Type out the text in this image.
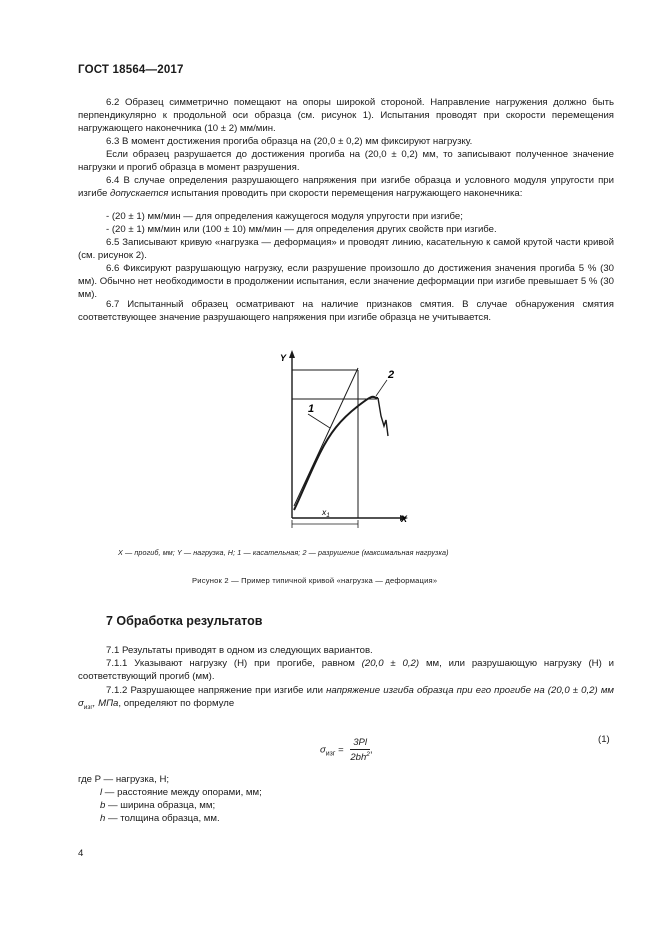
ГОСТ 18564—2017
6.2 Образец симметрично помещают на опоры широкой стороной. Направление нагружения должно быть перпендикулярно к продольной оси образца (см. рисунок 1). Испытания проводят при скорости перемещения нагружающего наконечника (10 ± 2) мм/мин.
6.3 В момент достижения прогиба образца на (20,0 ± 0,2) мм фиксируют нагрузку.
Если образец разрушается до достижения прогиба на (20,0 ± 0,2) мм, то записывают полученное значение нагрузки и прогиб образца в момент разрушения.
6.4 В случае определения разрушающего напряжения при изгибе образца и условного модуля упругости при изгибе допускается испытания проводить при скорости перемещения нагружающего наконечника:
- (20 ± 1) мм/мин — для определения кажущегося модуля упругости при изгибе;
- (20 ± 1) мм/мин или (100 ± 10) мм/мин — для определения других свойств при изгибе.
6.5 Записывают кривую «нагрузка — деформация» и проводят линию, касательную к самой крутой части кривой (см. рисунок 2).
6.6 Фиксируют разрушающую нагрузку, если разрушение произошло до достижения значения прогиба 5 % (30 мм). Обычно нет необходимости в продолжении испытания, если значение деформации при изгибе превышает 5 % (30 мм).
6.7 Испытанный образец осматривают на наличие признаков смятия. В случае обнаружения смятия соответствующее значение разрушающего напряжения при изгибе образца не учитывается.
Y
X
1
2
$x_1$
X — прогиб, мм; Y — нагрузка, Н; 1 — касательная; 2 — разрушение (максимальная нагрузка)
Рисунок 2 — Пример типичной кривой «нагрузка — деформация»
7 Обработка результатов
7.1 Результаты приводят в одном из следующих вариантов.
7.1.1 Указывают нагрузку (Н) при прогибе, равном (20,0 ± 0,2) мм, или разрушающую нагрузку (Н) и соответствующий прогиб (мм).
7.1.2 Разрушающее напряжение при изгибе или напряжение изгиба образца при его прогибе на (20,0 ± 0,2) мм $\sigma_{изг}$, МПа, определяют по формуле
$\sigma_{изг} = \frac{3Pl}{2bh^2}$ ,
(1)
где P — нагрузка, Н;
l — расстояние между опорами, мм;
b — ширина образца, мм;
h — толщина образца, мм.
4
